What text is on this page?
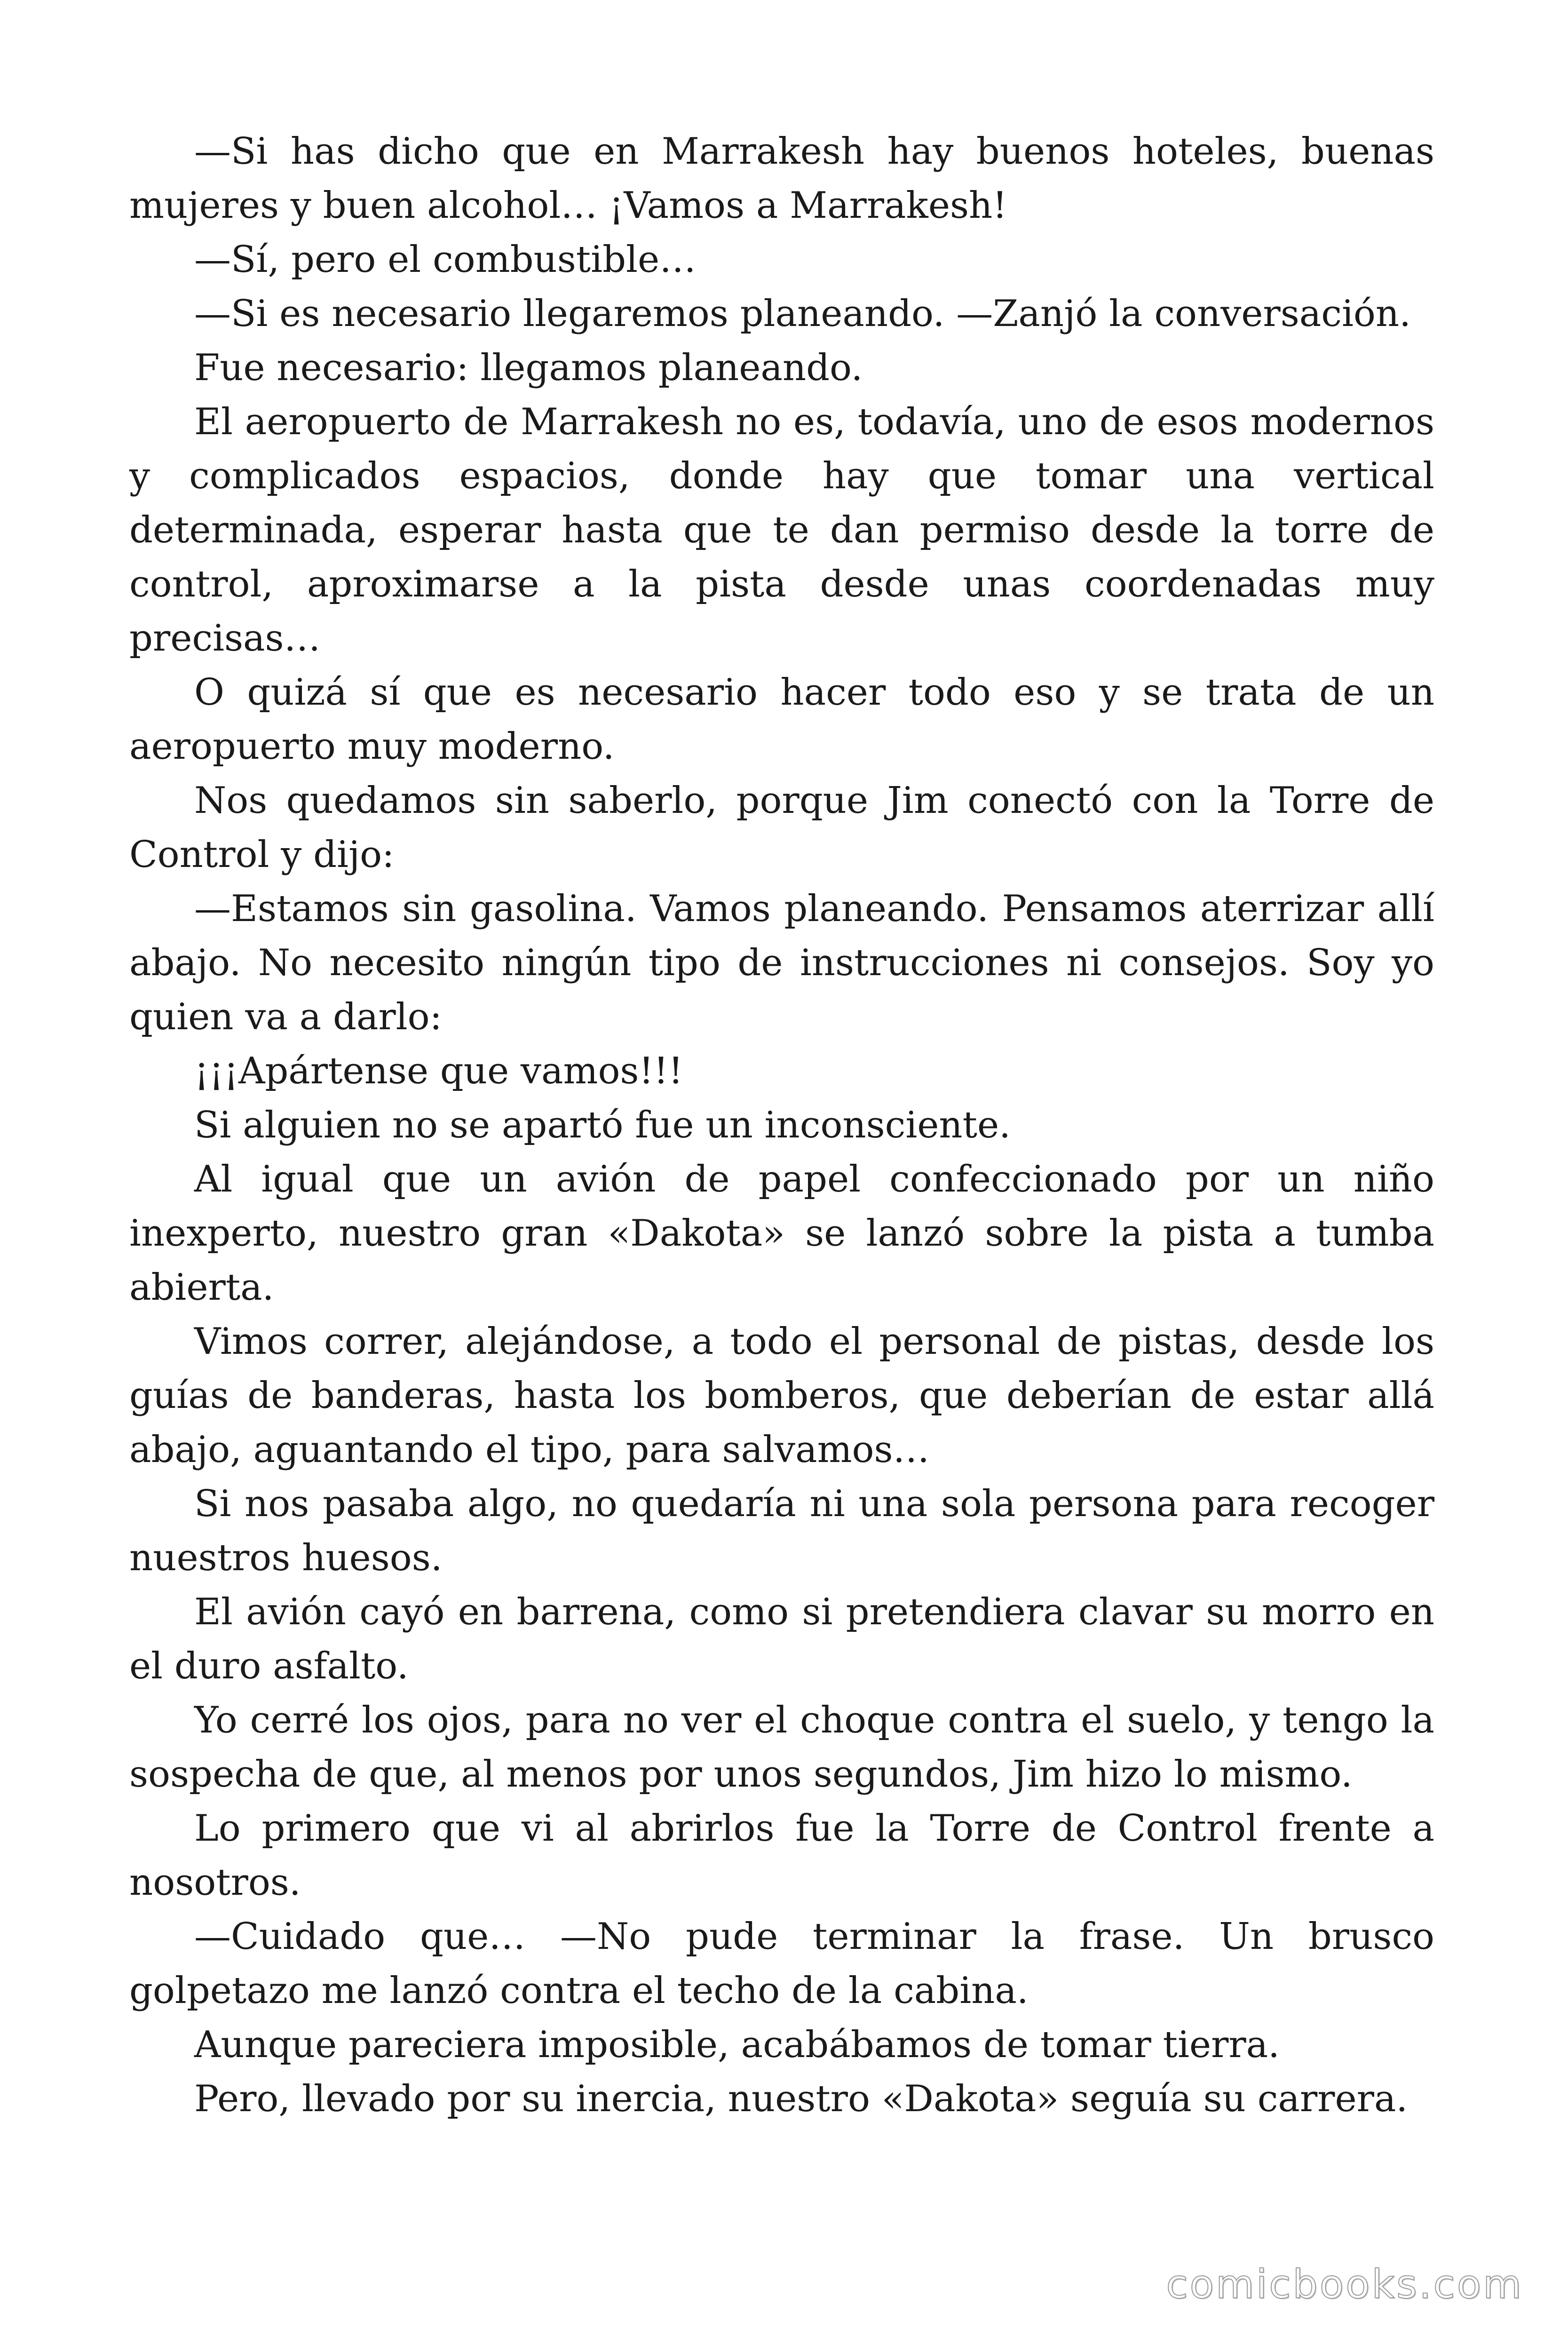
—Si has dicho que en Marrakesh hay buenos hoteles, buenas mujeres y buen alcohol… ¡Vamos a Marrakesh!

—Sí, pero el combustible…

—Si es necesario llegaremos planeando. —Zanjó la conversación.

Fue necesario: llegamos planeando.

El aeropuerto de Marrakesh no es, todavía, uno de esos modernos y complicados espacios, donde hay que tomar una vertical determinada, esperar hasta que te dan permiso desde la torre de control, aproximarse a la pista desde unas coordenadas muy precisas…

O quizá sí que es necesario hacer todo eso y se trata de un aeropuerto muy moderno.

Nos quedamos sin saberlo, porque Jim conectó con la Torre de Control y dijo:

—Estamos sin gasolina. Vamos planeando. Pensamos aterrizar allí abajo. No necesito ningún tipo de instrucciones ni consejos. Soy yo quien va a darlo:

¡¡¡Apártense que vamos!!!

Si alguien no se apartó fue un inconsciente.

Al igual que un avión de papel confeccionado por un niño inexperto, nuestro gran «Dakota» se lanzó sobre la pista a tumba abierta.

Vimos correr, alejándose, a todo el personal de pistas, desde los guías de banderas, hasta los bomberos, que deberían de estar allá abajo, aguantando el tipo, para salvamos…

Si nos pasaba algo, no quedaría ni una sola persona para recoger nuestros huesos.

El avión cayó en barrena, como si pretendiera clavar su morro en el duro asfalto.

Yo cerré los ojos, para no ver el choque contra el suelo, y tengo la sospecha de que, al menos por unos segundos, Jim hizo lo mismo.

Lo primero que vi al abrirlos fue la Torre de Control frente a nosotros.

—Cuidado que… —No pude terminar la frase. Un brusco golpetazo me lanzó contra el techo de la cabina.

Aunque pareciera imposible, acabábamos de tomar tierra.

Pero, llevado por su inercia, nuestro «Dakota» seguía su carrera.

comicbooks.com
